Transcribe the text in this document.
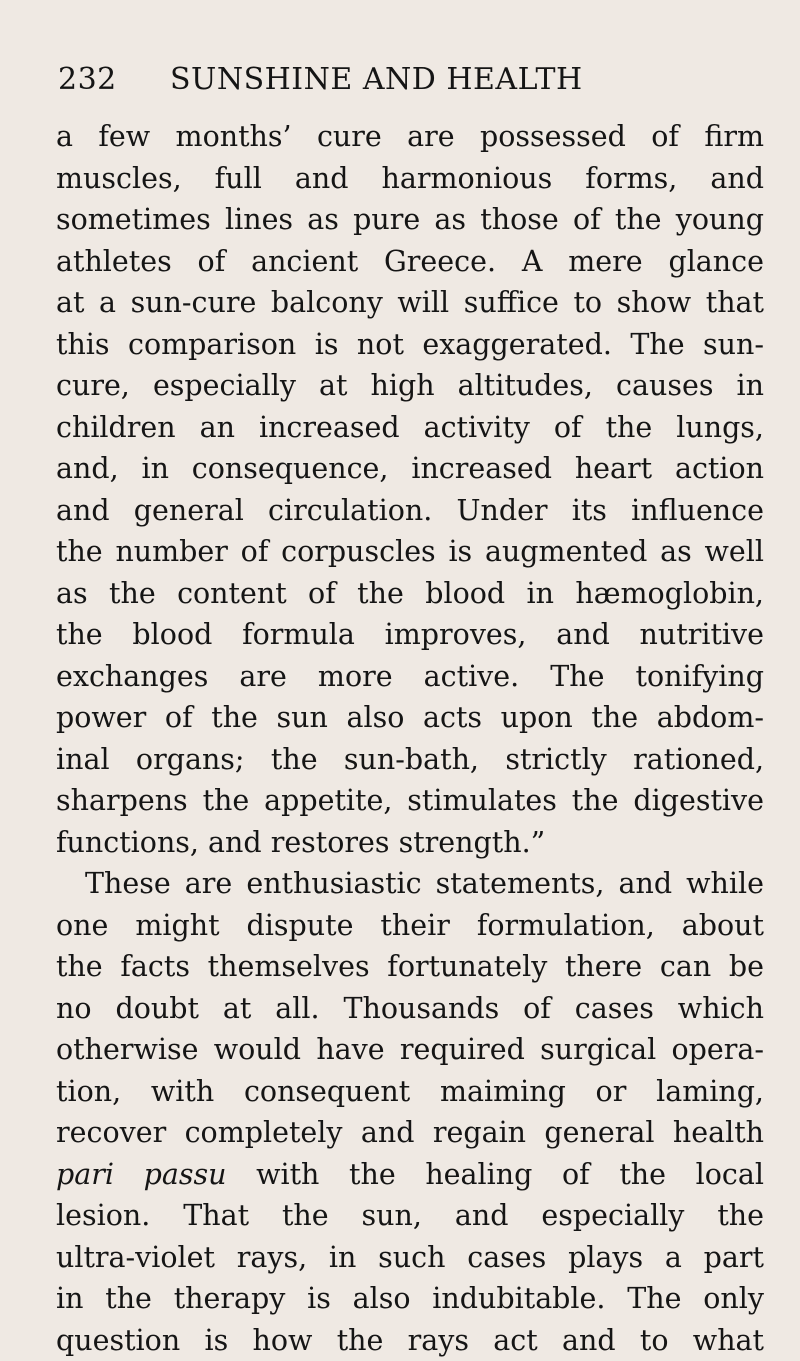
232 SUNSHINE AND HEALTH
a few months’ cure are possessed of firm
muscles, full and harmonious forms, and
sometimes lines as pure as those of the young
athletes of ancient Greece. A mere glance
at a sun-cure balcony will suffice to show that
this comparison is not exaggerated. The sun-
cure, especially at high altitudes, causes in
children an increased activity of the lungs,
and, in consequence, increased heart action
and general circulation. Under its influence
the number of corpuscles is augmented as well
as the content of the blood in hæmoglobin,
the blood formula improves, and nutritive
exchanges are more active. The tonifying
power of the sun also acts upon the abdom-
inal organs; the sun-bath, strictly rationed,
sharpens the appetite, stimulates the digestive
functions, and restores strength.”
These are enthusiastic statements, and while
one might dispute their formulation, about
the facts themselves fortunately there can be
no doubt at all. Thousands of cases which
otherwise would have required surgical opera-
tion, with consequent maiming or laming,
recover completely and regain general health
pari passu with the healing of the local
lesion. That the sun, and especially the
ultra-violet rays, in such cases plays a part
in the therapy is also indubitable. The only
question is how the rays act and to what
